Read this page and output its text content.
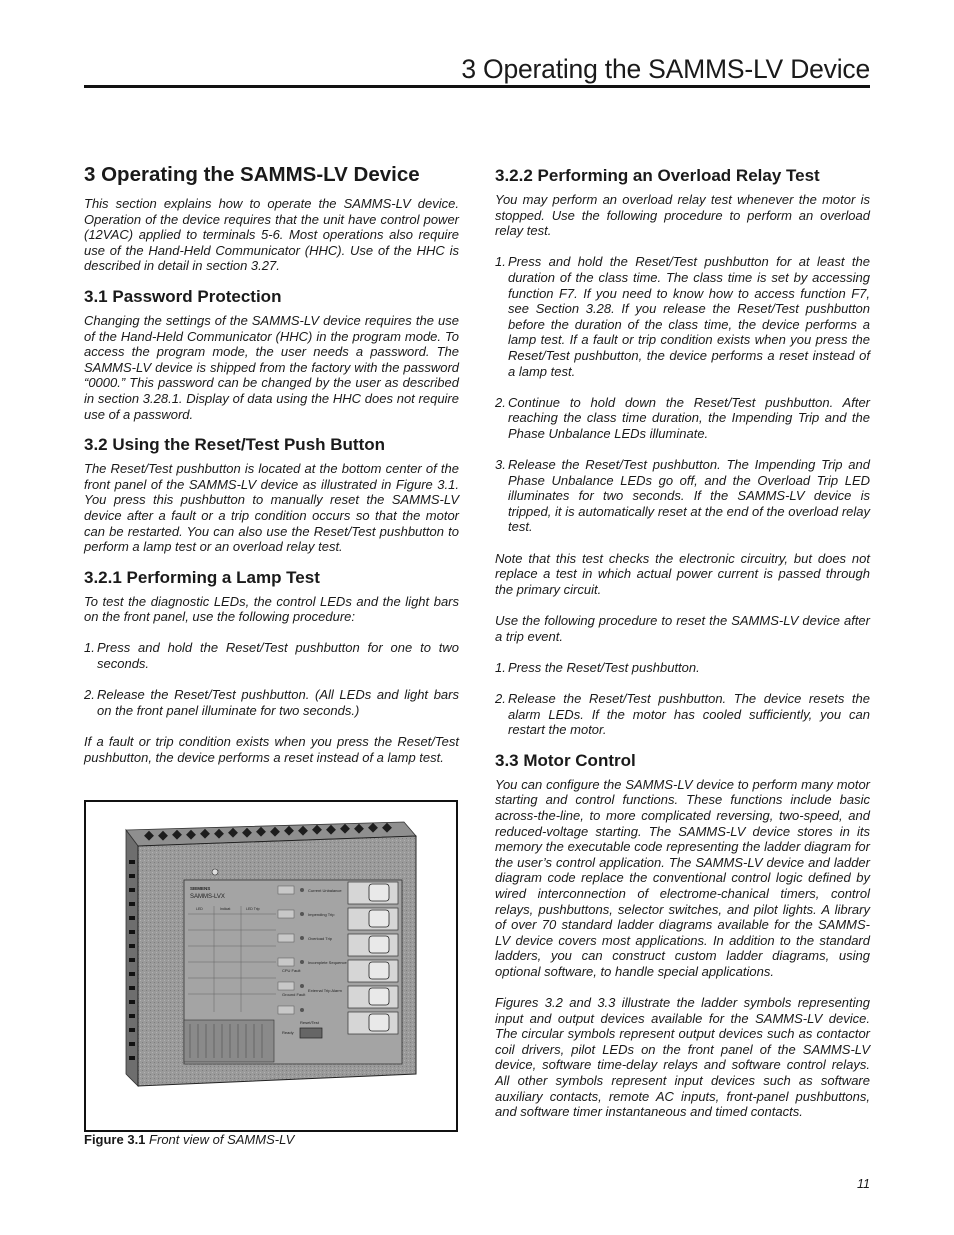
3 Operating the SAMMS-LV Device
3 Operating the SAMMS-LV Device

This section explains how to operate the SAMMS-LV device. Operation of the device requires that the unit have control power (12VAC) applied to terminals 5-6. Most operations also require use of the Hand-Held Communicator (HHC). Use of the HHC is described in detail in section 3.27.

3.1 Password Protection

Changing the settings of the SAMMS-LV device requires the use of the Hand-Held Communicator (HHC) in the program mode. To access the program mode, the user needs a password. The SAMMS-LV device is shipped from the factory with the password “0000.” This password can be changed by the user as described in section 3.28.1. Display of data using the HHC does not require use of a password.

3.2 Using the Reset/Test Push Button

The Reset/Test pushbutton is located at the bottom center of the front panel of the SAMMS-LV device as illustrated in Figure 3.1. You press this pushbutton to manually reset the SAMMS-LV device after a fault or a trip condition occurs so that the motor can be restarted. You can also use the Reset/Test pushbutton to perform a lamp test or an overload relay test.

3.2.1 Performing a Lamp Test

To test the diagnostic LEDs, the control LEDs and the light bars on the front panel, use the following procedure:

1. Press and hold the Reset/Test pushbutton for one to two seconds.
2. Release the Reset/Test pushbutton. (All LEDs and light bars on the front panel illuminate for two seconds.)

If a fault or trip condition exists when you press the Reset/Test pushbutton, the device performs a reset instead of a lamp test.

SIEMENS
SAMMS-LVX
LED	Indicat	LED Trip
Current Unbalance
Impending Trip
Overload Trip
CPU Fault
Incomplete Sequence
Ground Fault
External Trip Alarm
Ready
Reset/Test
Figure 3.1 Front view of SAMMS-LV
3.2.2 Performing an Overload Relay Test

You may perform an overload relay test whenever the motor is stopped. Use the following procedure to perform an overload relay test.

1. Press and hold the Reset/Test pushbutton for at least the duration of the class time. The class time is set by accessing function F7. If you need to know how to access function F7, see Section 3.28. If you release the Reset/Test pushbutton before the duration of the class time, the device performs a lamp test. If a fault or trip condition exists when you press the Reset/Test pushbutton, the device performs a reset instead of a lamp test.
2. Continue to hold down the Reset/Test pushbutton. After reaching the class time duration, the Impending Trip and the Phase Unbalance LEDs illuminate.
3. Release the Reset/Test pushbutton. The Impending Trip and Phase Unbalance LEDs go off, and the Overload Trip LED illuminates for two seconds. If the SAMMS-LV device is tripped, it is automatically reset at the end of the overload relay test.

Note that this test checks the electronic circuitry, but does not replace a test in which actual power current is passed through the primary circuit.

Use the following procedure to reset the SAMMS-LV device after a trip event.

1. Press the Reset/Test pushbutton.
2. Release the Reset/Test pushbutton. The device resets the alarm LEDs. If the motor has cooled sufficiently, you can restart the motor.
3.3 Motor Control

You can configure the SAMMS-LV device to perform many motor starting and control functions. These functions include basic across-the-line, to more complicated reversing, two-speed, and reduced-voltage starting. The SAMMS-LV device stores in its memory the executable code representing the ladder diagram for the user’s control application. The SAMMS-LV device and ladder diagram code replace the conventional control logic defined by wired interconnection of electrome-chanical timers, control relays, pushbuttons, selector switches, and pilot lights. A library of over 70 standard ladder diagrams available for the SAMMS-LV device covers most applications. In addition to the standard ladders, you can construct custom ladder diagrams, using optional software, to handle special applications.

Figures 3.2 and 3.3 illustrate the ladder symbols representing input and output devices available for the SAMMS-LV device. The circular symbols represent output devices such as contactor coil drivers, pilot LEDs on the front panel of the SAMMS-LV device, software time-delay relays and software control relays. All other symbols represent input devices such as software auxiliary contacts, remote AC inputs, front-panel pushbuttons, and software timer instantaneous and timed contacts.

11
